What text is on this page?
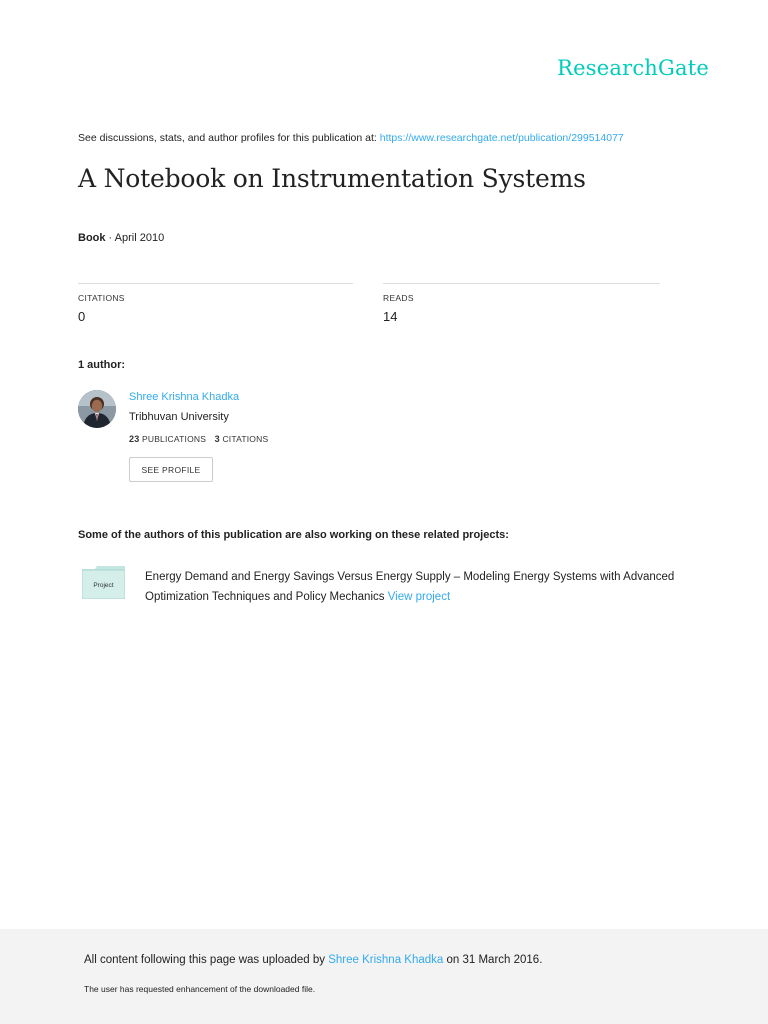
ResearchGate
See discussions, stats, and author profiles for this publication at: https://www.researchgate.net/publication/299514077
A Notebook on Instrumentation Systems
Book · April 2010
CITATIONS
0
READS
14
1 author:
Shree Krishna Khadka
Tribhuvan University
23 PUBLICATIONS 3 CITATIONS
SEE PROFILE
Some of the authors of this publication are also working on these related projects:
Project
Energy Demand and Energy Savings Versus Energy Supply – Modeling Energy Systems with Advanced Optimization Techniques and Policy Mechanics View project
All content following this page was uploaded by Shree Krishna Khadka on 31 March 2016.
The user has requested enhancement of the downloaded file.
